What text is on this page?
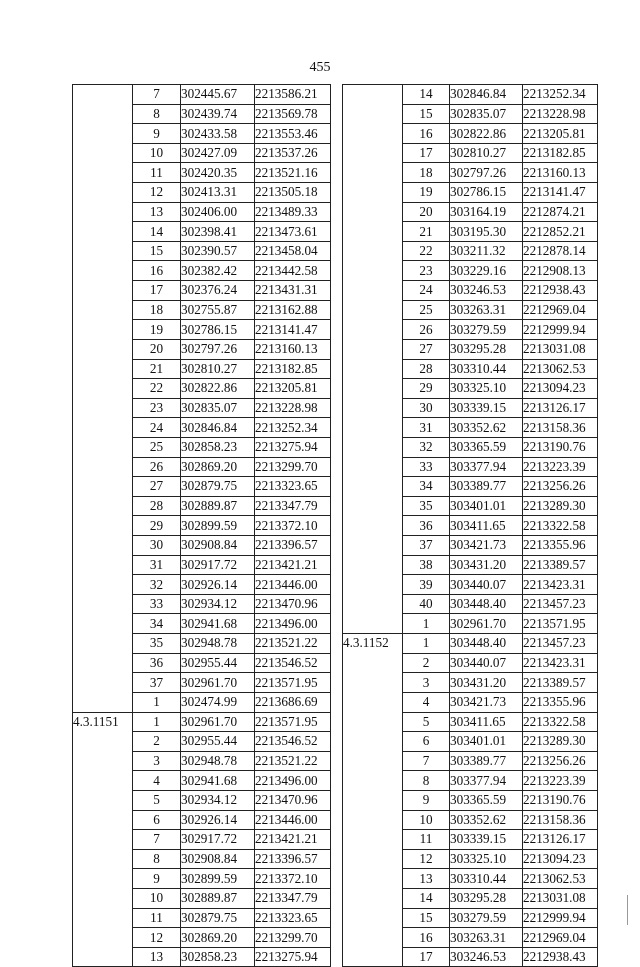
455
	7	302445.67	2213586.21
	8	302439.74	2213569.78
	9	302433.58	2213553.46
	10	302427.09	2213537.26
	11	302420.35	2213521.16
	12	302413.31	2213505.18
	13	302406.00	2213489.33
	14	302398.41	2213473.61
	15	302390.57	2213458.04
	16	302382.42	2213442.58
	17	302376.24	2213431.31
	18	302755.87	2213162.88
	19	302786.15	2213141.47
	20	302797.26	2213160.13
	21	302810.27	2213182.85
	22	302822.86	2213205.81
	23	302835.07	2213228.98
	24	302846.84	2213252.34
	25	302858.23	2213275.94
	26	302869.20	2213299.70
	27	302879.75	2213323.65
	28	302889.87	2213347.79
	29	302899.59	2213372.10
	30	302908.84	2213396.57
	31	302917.72	2213421.21
	32	302926.14	2213446.00
	33	302934.12	2213470.96
	34	302941.68	2213496.00
	35	302948.78	2213521.22
	36	302955.44	2213546.52
	37	302961.70	2213571.95
	1	302474.99	2213686.69
4.3.1151	1	302961.70	2213571.95
	2	302955.44	2213546.52
	3	302948.78	2213521.22
	4	302941.68	2213496.00
	5	302934.12	2213470.96
	6	302926.14	2213446.00
	7	302917.72	2213421.21
	8	302908.84	2213396.57
	9	302899.59	2213372.10
	10	302889.87	2213347.79
	11	302879.75	2213323.65
	12	302869.20	2213299.70
	13	302858.23	2213275.94
	14	302846.84	2213252.34
	15	302835.07	2213228.98
	16	302822.86	2213205.81
	17	302810.27	2213182.85
	18	302797.26	2213160.13
	19	302786.15	2213141.47
	20	303164.19	2212874.21
	21	303195.30	2212852.21
	22	303211.32	2212878.14
	23	303229.16	2212908.13
	24	303246.53	2212938.43
	25	303263.31	2212969.04
	26	303279.59	2212999.94
	27	303295.28	2213031.08
	28	303310.44	2213062.53
	29	303325.10	2213094.23
	30	303339.15	2213126.17
	31	303352.62	2213158.36
	32	303365.59	2213190.76
	33	303377.94	2213223.39
	34	303389.77	2213256.26
	35	303401.01	2213289.30
	36	303411.65	2213322.58
	37	303421.73	2213355.96
	38	303431.20	2213389.57
	39	303440.07	2213423.31
	40	303448.40	2213457.23
	1	302961.70	2213571.95
4.3.1152	1	303448.40	2213457.23
	2	303440.07	2213423.31
	3	303431.20	2213389.57
	4	303421.73	2213355.96
	5	303411.65	2213322.58
	6	303401.01	2213289.30
	7	303389.77	2213256.26
	8	303377.94	2213223.39
	9	303365.59	2213190.76
	10	303352.62	2213158.36
	11	303339.15	2213126.17
	12	303325.10	2213094.23
	13	303310.44	2213062.53
	14	303295.28	2213031.08
	15	303279.59	2212999.94
	16	303263.31	2212969.04
	17	303246.53	2212938.43
